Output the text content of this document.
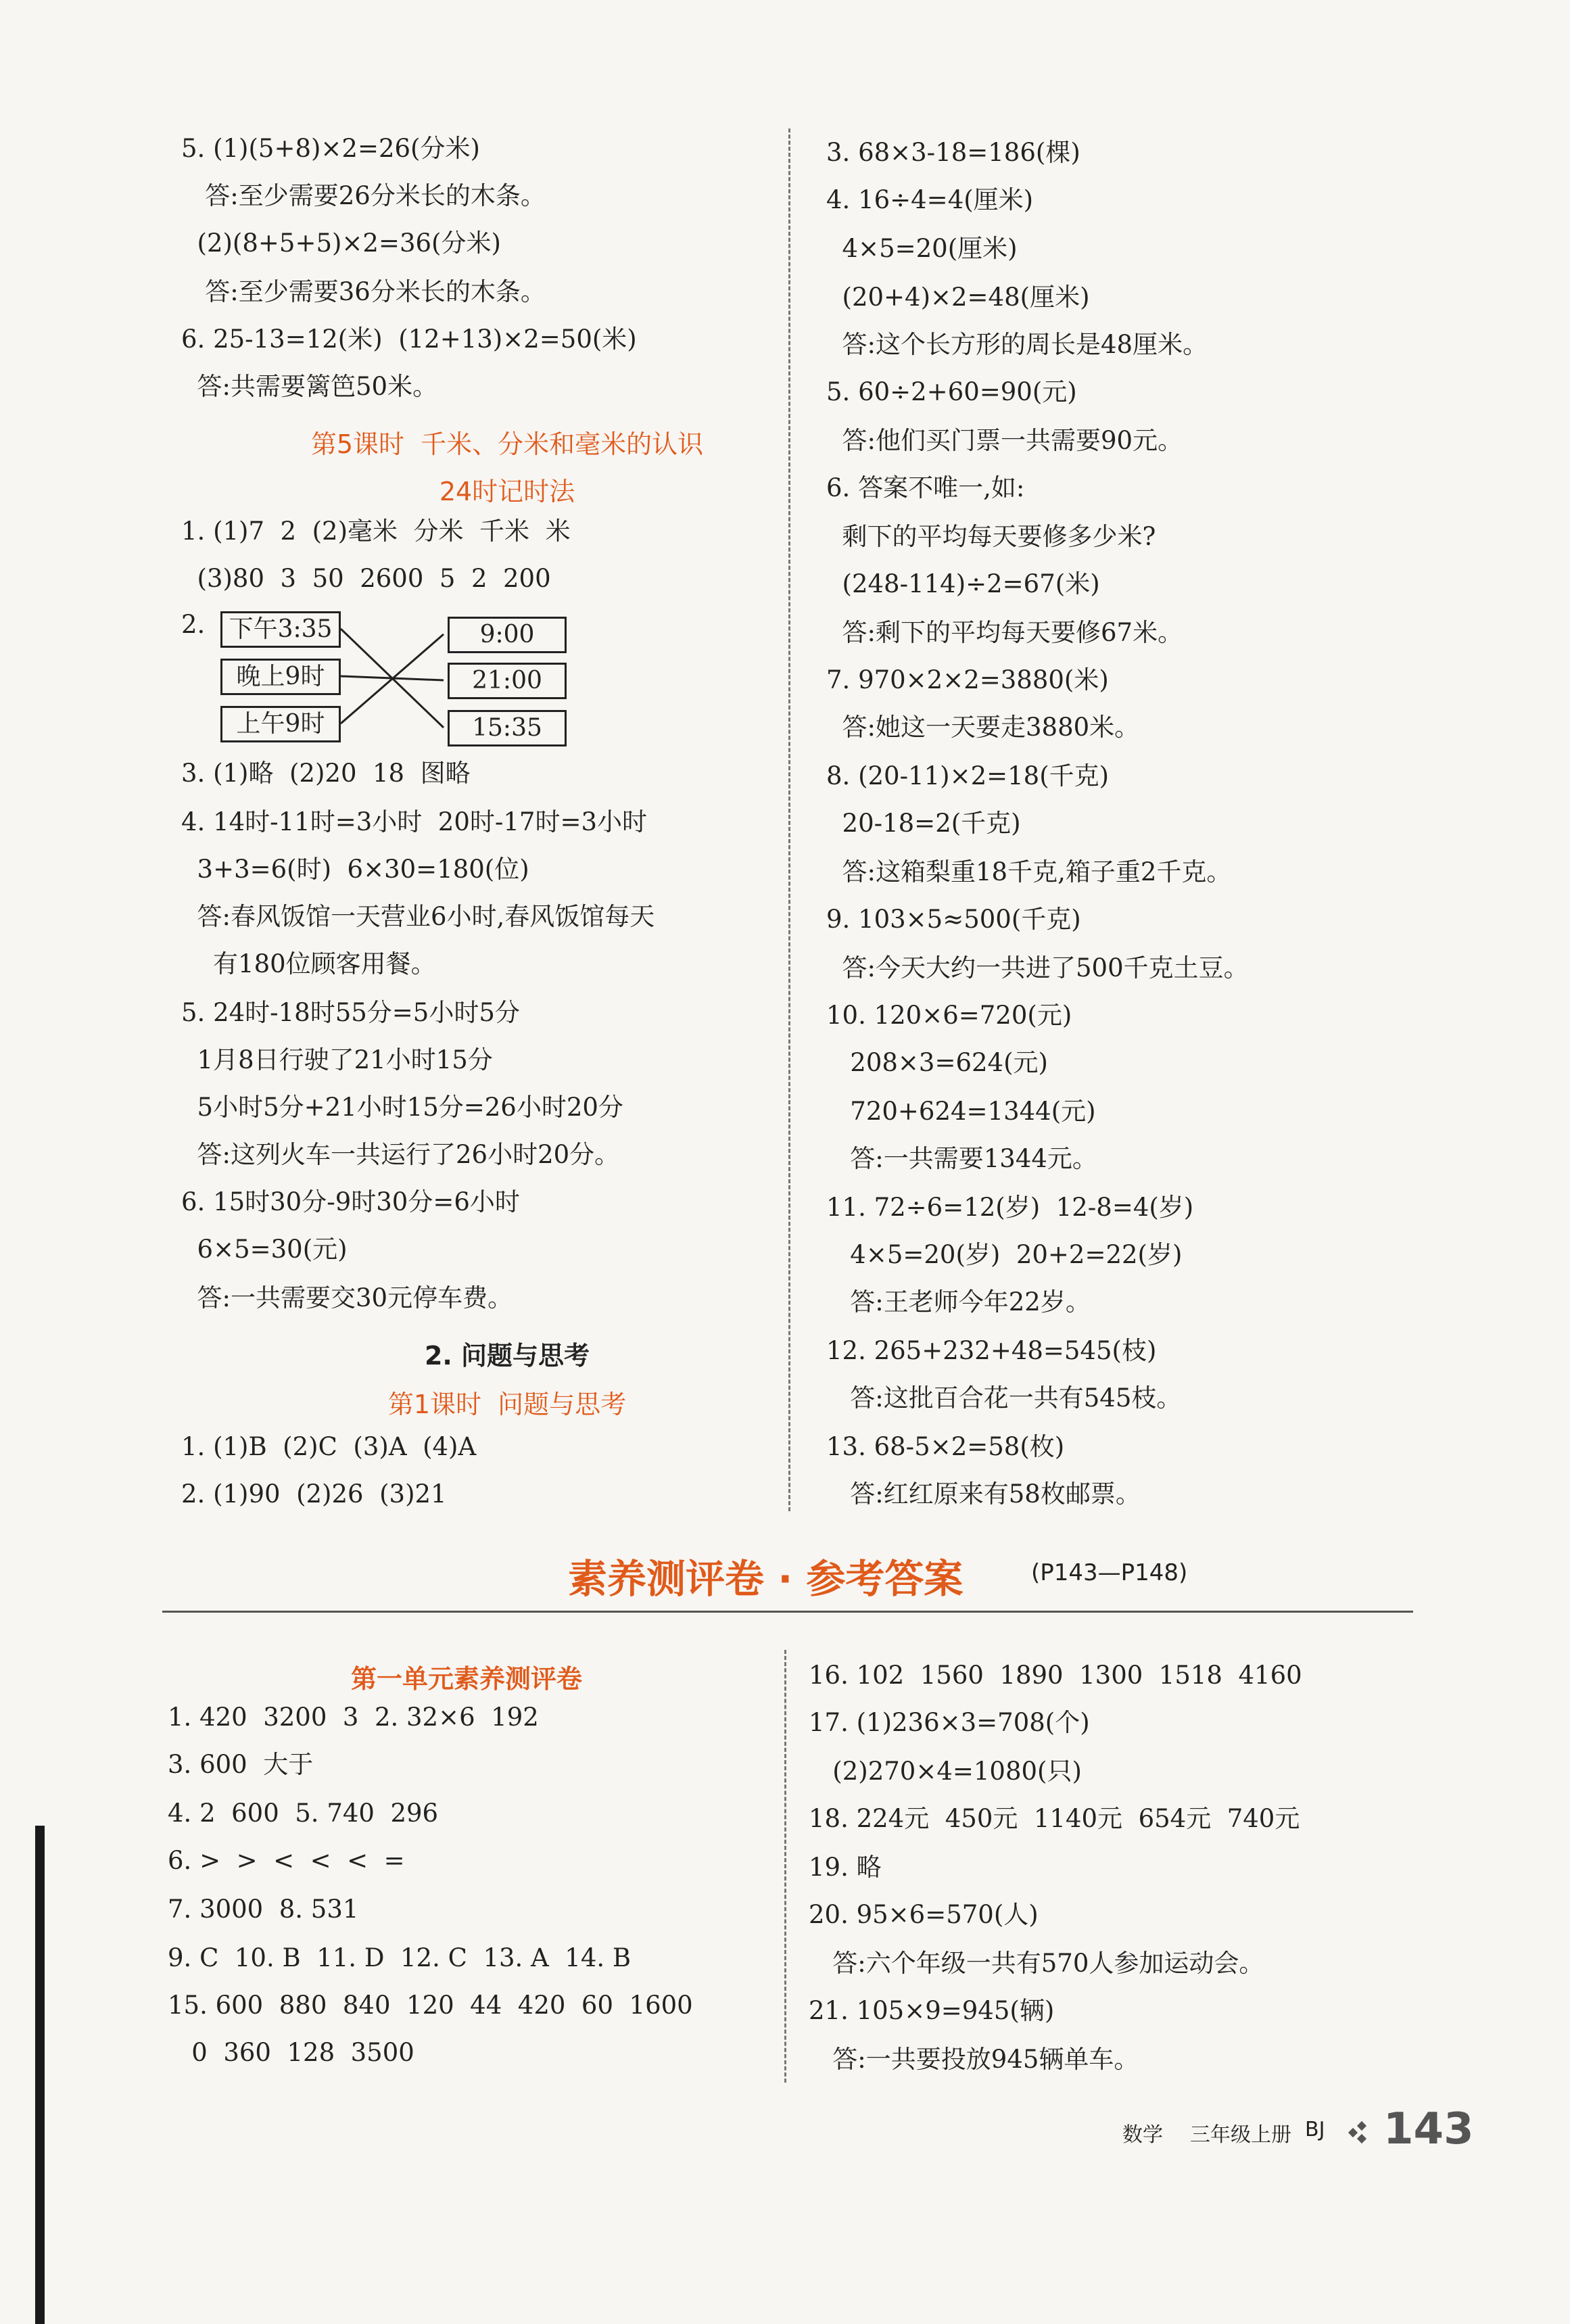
5. (1)(5+8)×2=26(分米)
答:至少需要26分米长的木条。
(2)(8+5+5)×2=36(分米)
答:至少需要36分米长的木条。
6. 25-13=12(米)  (12+13)×2=50(米)
答:共需要篱笆50米。
第5课时  千米、分米和毫米的认识
24时记时法
1. (1)7  2  (2)毫米  分米  千米  米
(3)80  3  50  2600  5  2  200
2. 下午3:35
晚上9时
上午9时
9:00
21:00
15:35
3. (1)略  (2)20  18  图略
4. 14时-11时=3小时  20时-17时=3小时
3+3=6(时)  6×30=180(位)
答:春风饭馆一天营业6小时,春风饭馆每天
有180位顾客用餐。
5. 24时-18时55分=5小时5分
1月8日行驶了21小时15分
5小时5分+21小时15分=26小时20分
答:这列火车一共运行了26小时20分。
6. 15时30分-9时30分=6小时
6×5=30(元)
答:一共需要交30元停车费。
2. 问题与思考
第1课时  问题与思考
1. (1)B  (2)C  (3)A  (4)A
2. (1)90  (2)26  (3)21
3. 68×3-18=186(棵)
4. 16÷4=4(厘米)
4×5=20(厘米)
(20+4)×2=48(厘米)
答:这个长方形的周长是48厘米。
5. 60÷2+60=90(元)
答:他们买门票一共需要90元。
6. 答案不唯一,如:
剩下的平均每天要修多少米?
(248-114)÷2=67(米)
答:剩下的平均每天要修67米。
7. 970×2×2=3880(米)
答:她这一天要走3880米。
8. (20-11)×2=18(千克)
20-18=2(千克)
答:这箱梨重18千克,箱子重2千克。
9. 103×5≈500(千克)
答:今天大约一共进了500千克土豆。
10. 120×6=720(元)
208×3=624(元)
720+624=1344(元)
答:一共需要1344元。
11. 72÷6=12(岁)  12-8=4(岁)
4×5=20(岁)  20+2=22(岁)
答:王老师今年22岁。
12. 265+232+48=545(枝)
答:这批百合花一共有545枝。
13. 68-5×2=58(枚)
答:红红原来有58枚邮票。
素养测评卷 · 参考答案	(P143—P148)
第一单元素养测评卷
1. 420  3200  3  2. 32×6  192
3. 600  大于
4. 2  600  5. 740  296
6. >  >  <  <  <  =
7. 3000  8. 531
9. C  10. B  11. D  12. C  13. A  14. B
15. 600  880  840  120  44  420  60  1600
0  360  128  3500
16. 102  1560  1890  1300  1518  4160
17. (1)236×3=708(个)
(2)270×4=1080(只)
18. 224元  450元  1140元  654元  740元
19. 略
20. 95×6=570(人)
答:六个年级一共有570人参加运动会。
21. 105×9=945(辆)
答:一共要投放945辆单车。
数学 三年级上册 BJ 143
